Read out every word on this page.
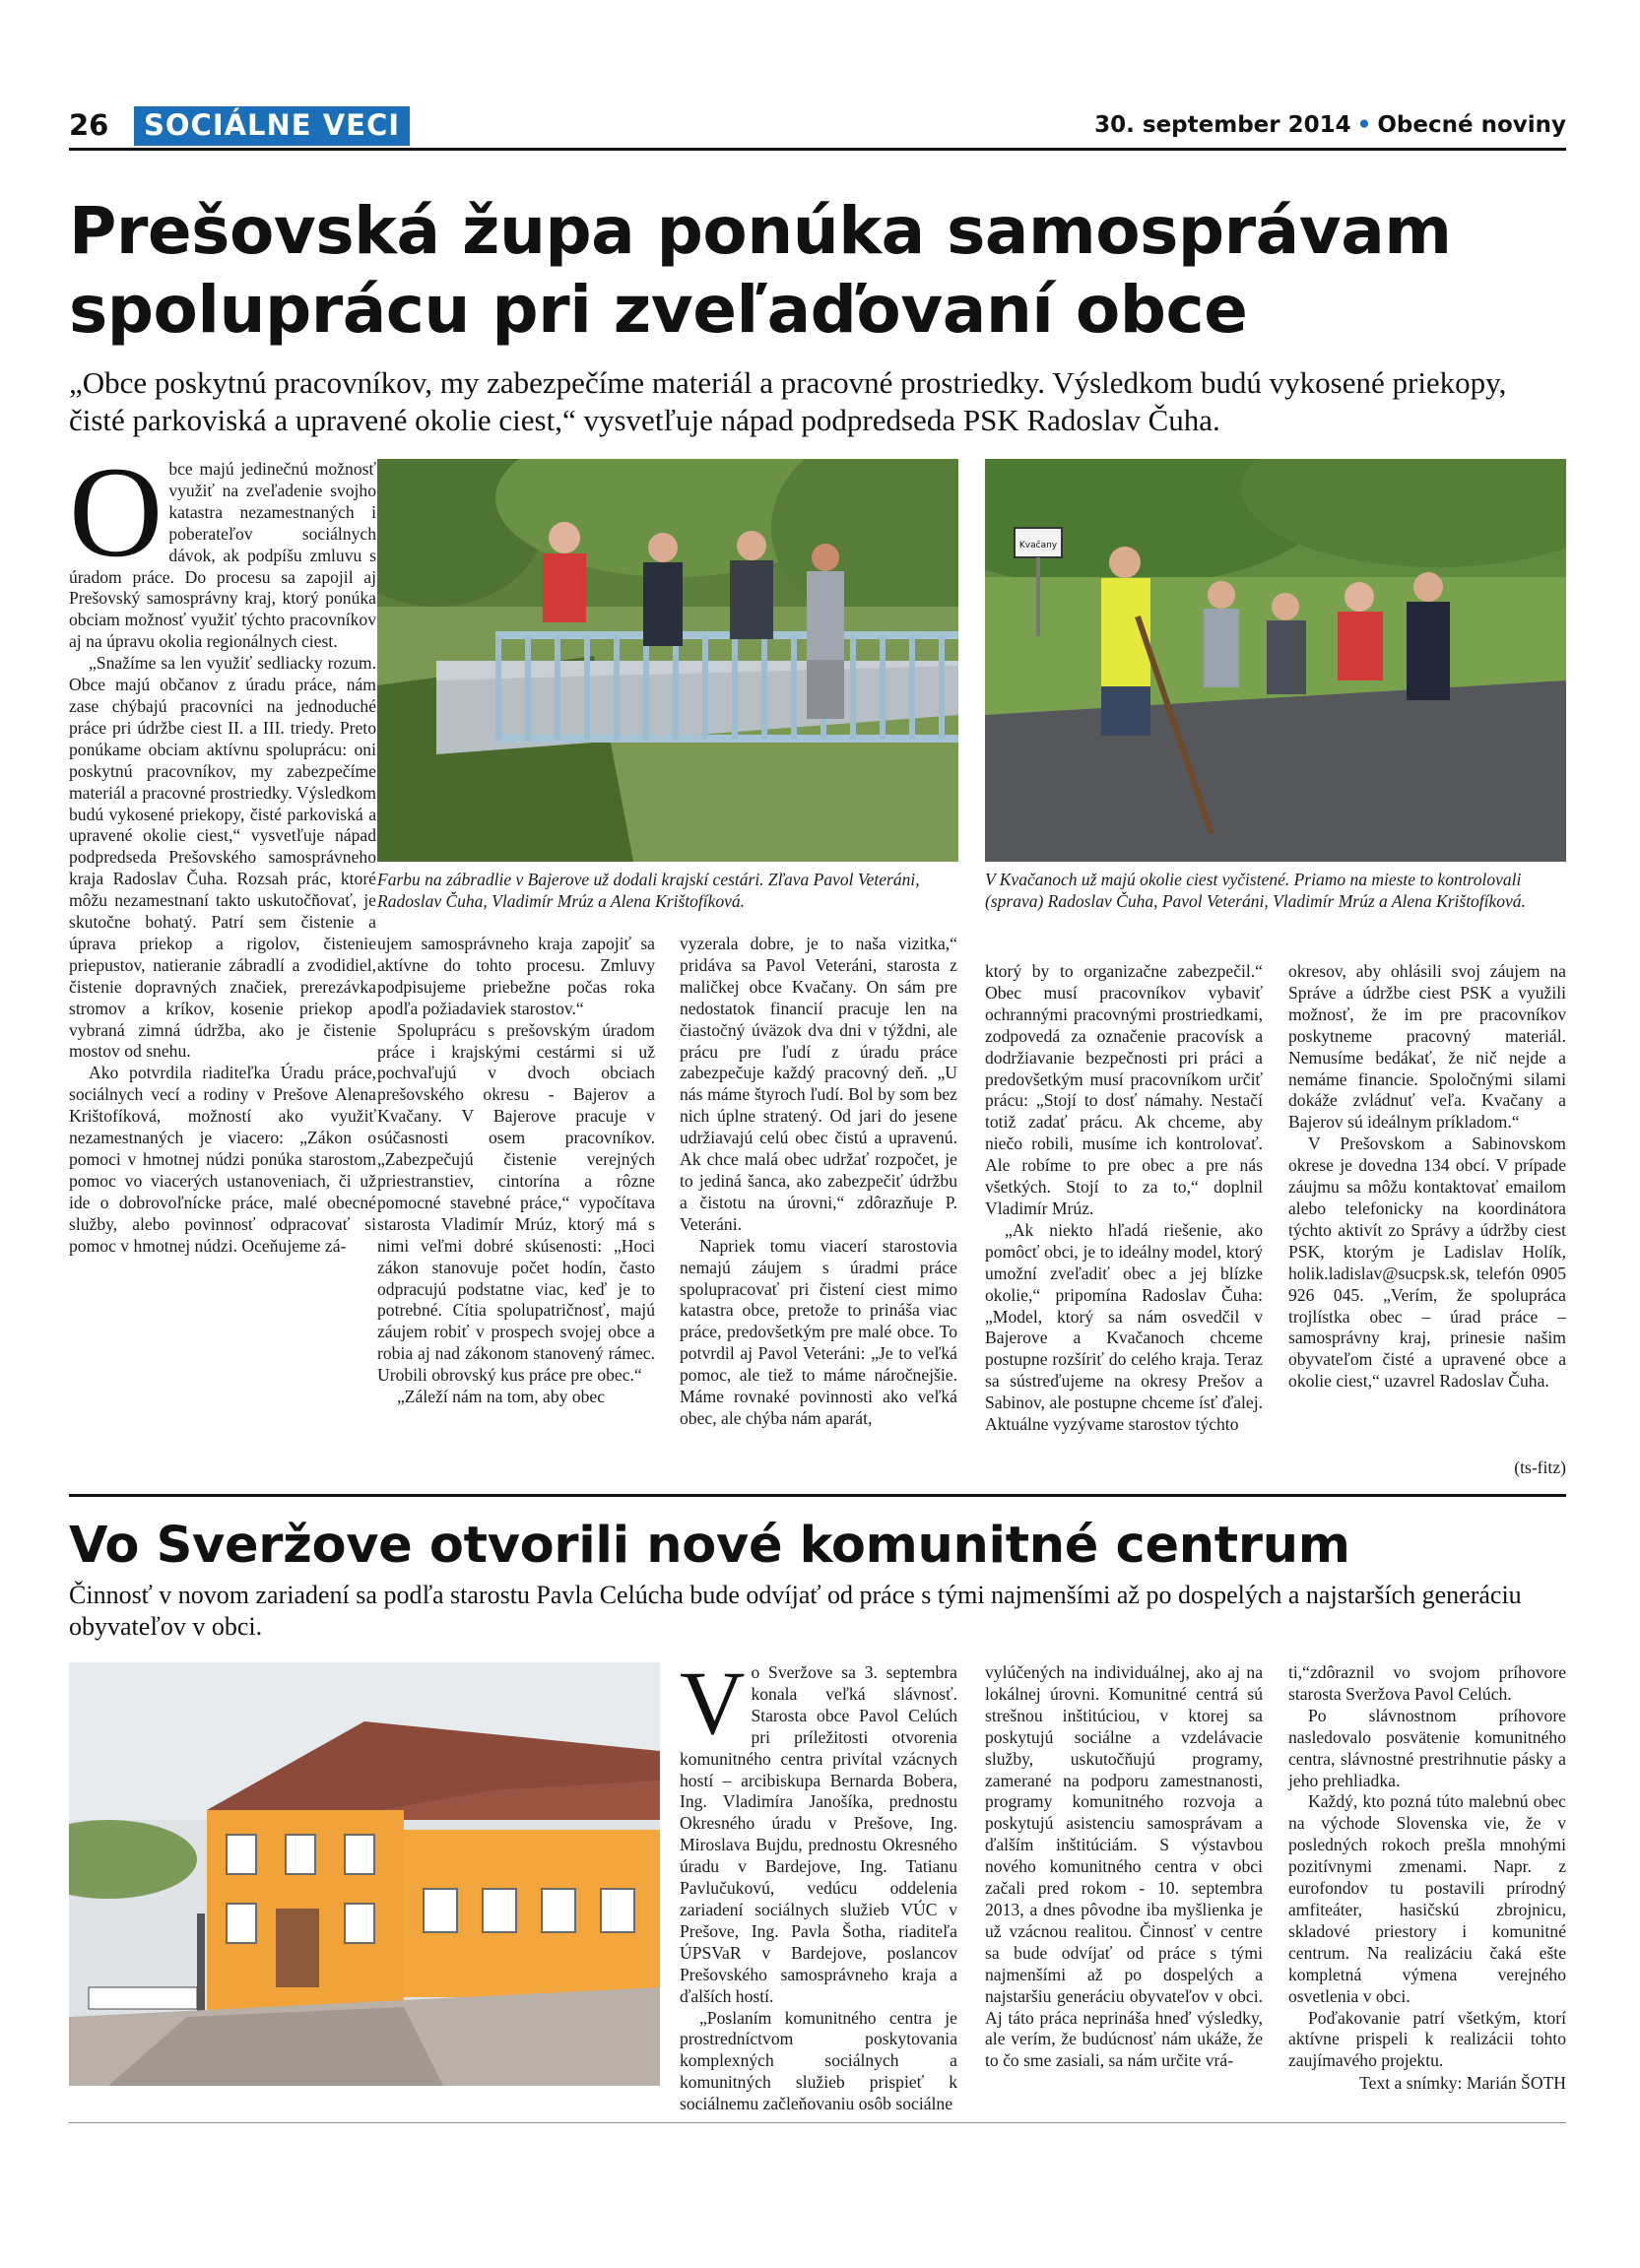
26	SOCIÁLNE VECI	30. september 2014 • Obecné noviny
Prešovská župa ponúka samosprávam
spoluprácu pri zveľaďovaní obce
„Obce poskytnú pracovníkov, my zabezpečíme materiál a pracovné prostriedky. Výsledkom budú vykosené priekopy, čisté parkoviská a upravené okolie ciest,“ vysvetľuje nápad podpredseda PSK Radoslav Čuha.

Obce majú jedinečnú možnosť využiť na zveľadenie svojho katastra nezamestnaných i poberateľov sociálnych dávok, ak podpíšu zmluvu s úradom práce. Do procesu sa zapojil aj Prešovský samosprávny kraj, ktorý ponúka obciam možnosť využiť týchto pracovníkov aj na úpravu okolia regionálnych ciest.

„Snažíme sa len využiť sedliacky rozum. Obce majú občanov z úradu práce, nám zase chýbajú pracovníci na jednoduché práce pri údržbe ciest II. a III. triedy. Preto ponúkame obciam aktívnu spoluprácu: oni poskytnú pracovníkov, my zabezpečíme materiál a pracovné prostriedky. Výsledkom budú vykosené priekopy, čisté parkoviská a upravené okolie ciest,“ vysvetľuje nápad podpredseda Prešovského samosprávneho kraja Radoslav Čuha. Rozsah prác, ktoré môžu nezamestnaní takto uskutočňovať, je skutočne bohatý. Patrí sem čistenie a úprava priekop a rigolov, čistenie priepustov, natieranie zábradlí a zvodidiel, čistenie dopravných značiek, prerezávka stromov a kríkov, kosenie priekop a vybraná zimná údržba, ako je čistenie mostov od snehu.

Ako potvrdila riaditeľka Úradu práce, sociálnych vecí a rodiny v Prešove Alena Krištofíková, možností ako využiť nezamestnaných je viacero: „Zákon o pomoci v hmotnej núdzi ponúka starostom pomoc vo viacerých ustanoveniach, či už ide o dobrovoľnícke práce, malé obecné služby, alebo povinnosť odpracovať si pomoc v hmotnej núdzi. Oceňujeme zá-

Kvačany
Farbu na zábradlie v Bajerove už dodali krajskí cestári. Zľava Pavol Veteráni, Radoslav Čuha, Vladimír Mrúz a Alena Krištofíková.
V Kvačanoch už majú okolie ciest vyčistené. Priamo na mieste to kontrolovali (sprava) Radoslav Čuha, Pavol Veteráni, Vladimír Mrúz a Alena Krištofíková.

ujem samosprávneho kraja zapojiť sa aktívne do tohto procesu. Zmluvy podpisujeme priebežne počas roka podľa požiadaviek starostov.“

Spoluprácu s prešovským úradom práce i krajskými cestármi si už pochvaľujú v dvoch obciach prešovského okresu - Bajerov a Kvačany. V Bajerove pracuje v súčasnosti osem pracovníkov. „Zabezpečujú čistenie verejných priestranstiev, cintorína a rôzne pomocné stavebné práce,“ vypočítava starosta Vladimír Mrúz, ktorý má s nimi veľmi dobré skúsenosti: „Hoci zákon stanovuje počet hodín, často odpracujú podstatne viac, keď je to potrebné. Cítia spolupatričnosť, majú záujem robiť v prospech svojej obce a robia aj nad zákonom stanovený rámec. Urobili obrovský kus práce pre obec.“

„Záleží nám na tom, aby obec

vyzerala dobre, je to naša vizitka,“ pridáva sa Pavol Veteráni, starosta z maličkej obce Kvačany. On sám pre nedostatok financií pracuje len na čiastočný úväzok dva dni v týždni, ale prácu pre ľudí z úradu práce zabezpečuje každý pracovný deň. „U nás máme štyroch ľudí. Bol by som bez nich úplne stratený. Od jari do jesene udržiavajú celú obec čistú a upravenú. Ak chce malá obec udržať rozpočet, je to jediná šanca, ako zabezpečiť údržbu a čistotu na úrovni,“ zdôrazňuje P. Veteráni.

Napriek tomu viacerí starostovia nemajú záujem s úradmi práce spolupracovať pri čistení ciest mimo katastra obce, pretože to prináša viac práce, predovšetkým pre malé obce. To potvrdil aj Pavol Veteráni: „Je to veľká pomoc, ale tiež to máme náročnejšie. Máme rovnaké povinnosti ako veľká obec, ale chýba nám aparát,

ktorý by to organizačne zabezpečil.“ Obec musí pracovníkov vybaviť ochrannými pracovnými prostriedkami, zodpovedá za označenie pracovísk a dodržiavanie bezpečnosti pri práci a predovšetkým musí pracovníkom určiť prácu: „Stojí to dosť námahy. Nestačí totiž zadať prácu. Ak chceme, aby niečo robili, musíme ich kontrolovať. Ale robíme to pre obec a pre nás všetkých. Stojí to za to,“ doplnil Vladimír Mrúz.

„Ak niekto hľadá riešenie, ako pomôcť obci, je to ideálny model, ktorý umožní zveľadiť obec a jej blízke okolie,“ pripomína Radoslav Čuha: „Model, ktorý sa nám osvedčil v Bajerove a Kvačanoch chceme postupne rozšíriť do celého kraja. Teraz sa sústreďujeme na okresy Prešov a Sabinov, ale postupne chceme ísť ďalej. Aktuálne vyzývame starostov týchto

okresov, aby ohlásili svoj záujem na Správe a údržbe ciest PSK a využili možnosť, že im pre pracovníkov poskytneme pracovný materiál. Nemusíme bedákať, že nič nejde a nemáme financie. Spoločnými silami dokáže zvládnuť veľa. Kvačany a Bajerov sú ideálnym príkladom.“

V Prešovskom a Sabinovskom okrese je dovedna 134 obcí. V prípade záujmu sa môžu kontaktovať emailom alebo telefonicky na koordinátora týchto aktivít zo Správy a údržby ciest PSK, ktorým je Ladislav Holík, holik.ladislav@sucpsk.sk, telefón 0905 926 045. „Verím, že spolupráca trojlístka obec – úrad práce – samosprávny kraj, prinesie našim obyvateľom čisté a upravené obce a okolie ciest,“ uzavrel Radoslav Čuha.

(ts-fitz)
Vo Sveržove otvorili nové komunitné centrum
Činnosť v novom zariadení sa podľa starostu Pavla Celúcha bude odvíjať od práce s tými najmenšími až po dospelých a najstarších generáciu obyvateľov v obci.

Vo Sveržove sa 3. septembra konala veľká slávnosť. Starosta obce Pavol Celúch pri príležitosti otvorenia komunitného centra privítal vzácnych hostí – arcibiskupa Bernarda Bobera, Ing. Vladimíra Janošíka, prednostu Okresného úradu v Prešove, Ing. Miroslava Bujdu, prednostu Okresného úradu v Bardejove, Ing. Tatianu Pavlučukovú, vedúcu oddelenia zariadení sociálnych služieb VÚC v Prešove, Ing. Pavla Šotha, riaditeľa ÚPSVaR v Bardejove, poslancov Prešovského samosprávneho kraja a ďalších hostí.

„Poslaním komunitného centra je prostredníctvom poskytovania komplexných sociálnych a komunitných služieb prispieť k sociálnemu začleňovaniu osôb sociálne

vylúčených na individuálnej, ako aj na lokálnej úrovni. Komunitné centrá sú strešnou inštitúciou, v ktorej sa poskytujú sociálne a vzdelávacie služby, uskutočňujú programy, zamerané na podporu zamestnanosti, programy komunitného rozvoja a poskytujú asistenciu samosprávam a ďalším inštitúciám. S výstavbou nového komunitného centra v obci začali pred rokom - 10. septembra 2013, a dnes pôvodne iba myšlienka je už vzácnou realitou. Činnosť v centre sa bude odvíjať od práce s tými najmenšími až po dospelých a najstaršiu generáciu obyvateľov v obci. Aj táto práca neprináša hneď výsledky, ale verím, že budúcnosť nám ukáže, že to čo sme zasiali, sa nám určite vrá-

ti,“zdôraznil vo svojom príhovore starosta Sveržova Pavol Celúch.

Po slávnostnom príhovore nasledovalo posvätenie komunitného centra, slávnostné prestrihnutie pásky a jeho prehliadka.

Každý, kto pozná túto malebnú obec na východe Slovenska vie, že v posledných rokoch prešla mnohými pozitívnymi zmenami. Napr. z eurofondov tu postavili prírodný amfiteáter, hasičskú zbrojnicu, skladové priestory i komunitné centrum. Na realizáciu čaká ešte kompletná výmena verejného osvetlenia v obci.

Poďakovanie patrí všetkým, ktorí aktívne prispeli k realizácii tohto zaujímavého projektu.

Text a snímky: Marián ŠOTH
